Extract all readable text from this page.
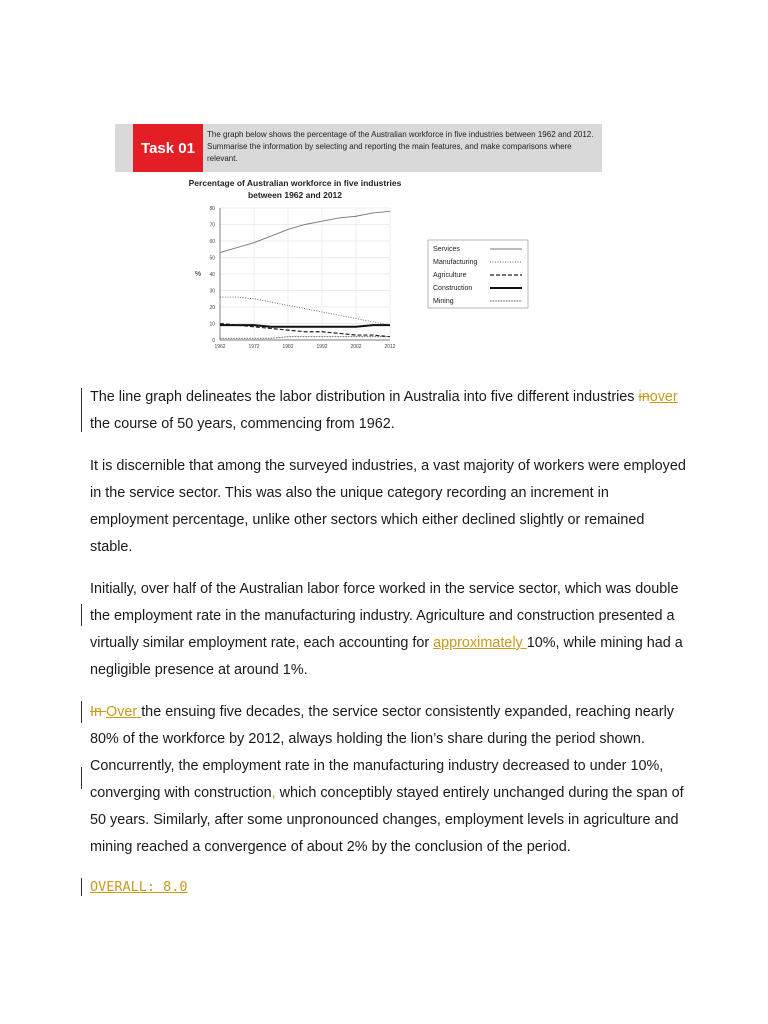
Task 01
The graph below shows the percentage of the Australian workforce in five industries between 1962 and 2012. Summarise the information by selecting and reporting the main features, and make comparisons where relevant.
Percentage of Australian workforce in five industries
between 1962 and 2012
0
10
20
30
40
50
60
70
80
1962	1972	1982	1992	2002	2012
%
Services
Manufacturing
Agriculture
Construction
Mining

The line graph delineates the labor distribution in Australia into five different industries inover the course of 50 years, commencing from 1962.

It is discernible that among the surveyed industries, a vast majority of workers were employed in the service sector. This was also the unique category recording an increment in employment percentage, unlike other sectors which either declined slightly or remained stable.

Initially, over half of the Australian labor force worked in the service sector, which was double the employment rate in the manufacturing industry. Agriculture and construction presented a virtually similar employment rate, each accounting for approximately 10%, while mining had a negligible presence at around 1%.

In Over the ensuing five decades, the service sector consistently expanded, reaching nearly 80% of the workforce by 2012, always holding the lion’s share during the period shown. Concurrently, the employment rate in the manufacturing industry decreased to under 10%, converging with construction, which conceptibly stayed entirely unchanged during the span of 50 years. Similarly, after some unpronounced changes, employment levels in agriculture and mining reached a convergence of about 2% by the conclusion of the period.

OVERALL: 8.0
